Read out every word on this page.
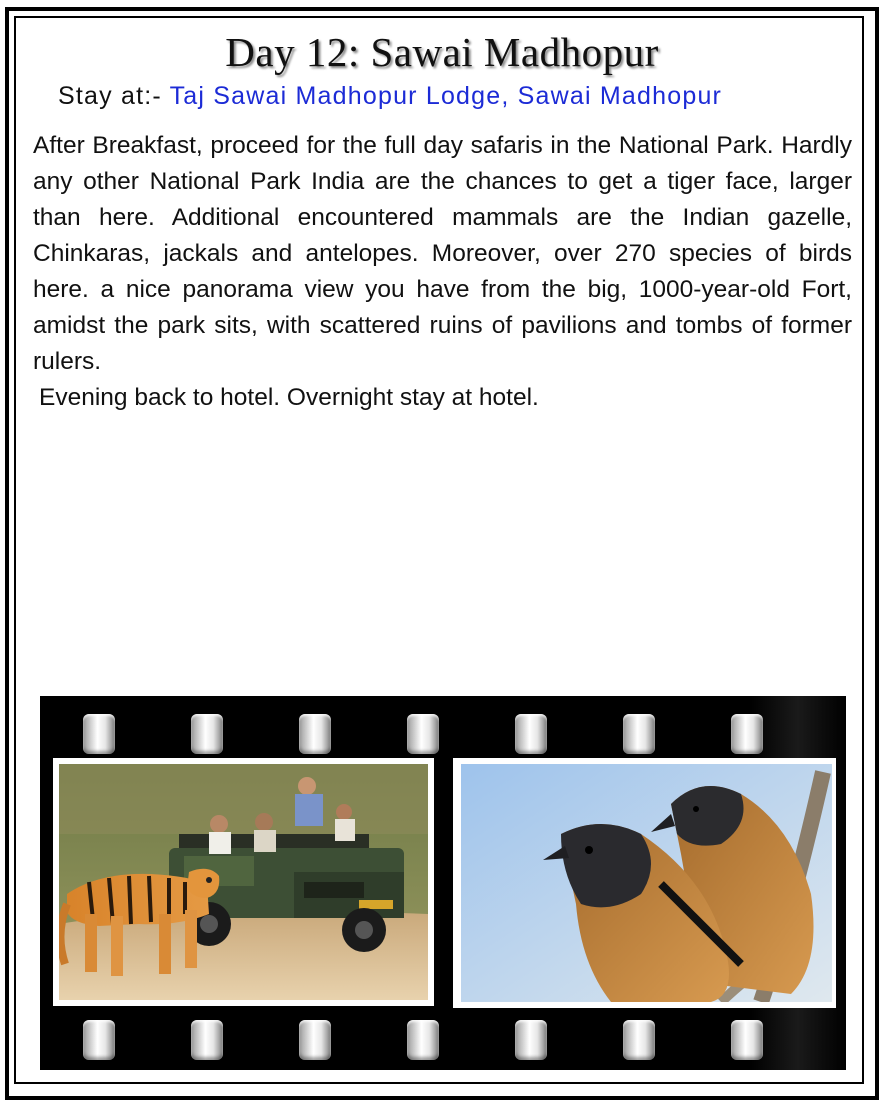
Day 12: Sawai Madhopur
Stay at:- Taj Sawai Madhopur Lodge, Sawai Madhopur

After Breakfast, proceed for the full day safaris in the National Park. Hardly any other National Park India are the chances to get a tiger face, larger than here. Additional encountered mammals are the Indian gazelle, Chinkaras, jackals and antelopes. Moreover, over 270 species of birds here. a nice panorama view you have from the big, 1000-year-old Fort, amidst the park sits, with scattered ruins of pavilions and tombs of former rulers.

Evening back to hotel. Overnight stay at hotel.
